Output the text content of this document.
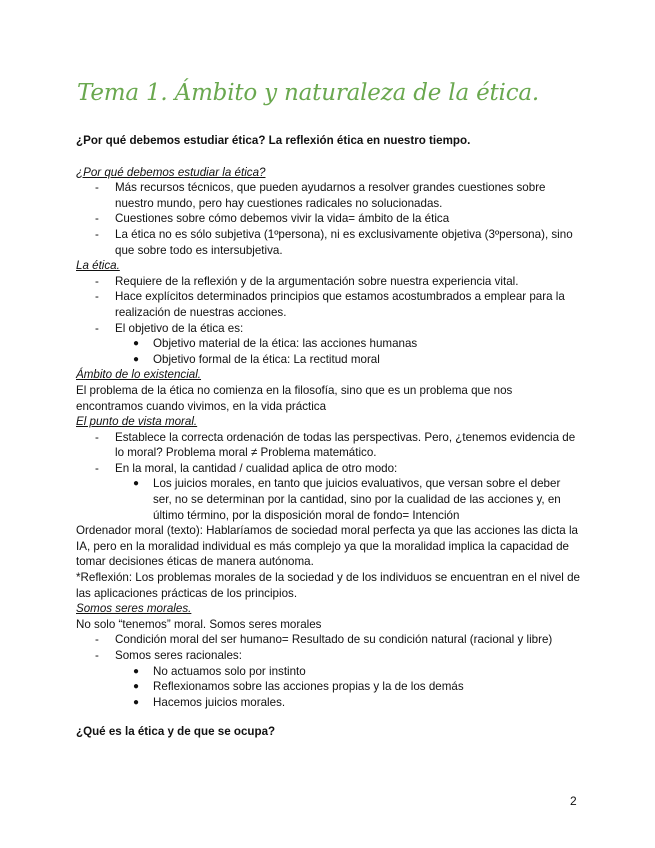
Tema 1. Ámbito y naturaleza de la ética.

¿Por qué debemos estudiar ética? La reflexión ética en nuestro tiempo.

¿Por qué debemos estudiar la ética?

- Más recursos técnicos, que pueden ayudarnos a resolver grandes cuestiones sobre nuestro mundo, pero hay cuestiones radicales no solucionadas.

- Cuestiones sobre cómo debemos vivir la vida= ámbito de la ética

- La ética no es sólo subjetiva (1ºpersona), ni es exclusivamente objetiva (3ºpersona), sino que sobre todo es intersubjetiva.

La ética.

- Requiere de la reflexión y de la argumentación sobre nuestra experiencia vital.

- Hace explícitos determinados principios que estamos acostumbrados a emplear para la realización de nuestras acciones.

- El objetivo de la ética es:

● Objetivo material de la ética: las acciones humanas

● Objetivo formal de la ética: La rectitud moral

Ámbito de lo existencial.

El problema de la ética no comienza en la filosofía, sino que es un problema que nos encontramos cuando vivimos, en la vida práctica

El punto de vista moral.

- Establece la correcta ordenación de todas las perspectivas. Pero, ¿tenemos evidencia de lo moral? Problema moral ≠ Problema matemático.

- En la moral, la cantidad / cualidad aplica de otro modo:

● Los juicios morales, en tanto que juicios evaluativos, que versan sobre el deber ser, no se determinan por la cantidad, sino por la cualidad de las acciones y, en último término, por la disposición moral de fondo= Intención

Ordenador moral (texto): Hablaríamos de sociedad moral perfecta ya que las acciones las dicta la IA, pero en la moralidad individual es más complejo ya que la moralidad implica la capacidad de tomar decisiones éticas de manera autónoma.

*Reflexión: Los problemas morales de la sociedad y de los individuos se encuentran en el nivel de las aplicaciones prácticas de los principios.

Somos seres morales.

No solo “tenemos” moral. Somos seres morales

- Condición moral del ser humano= Resultado de su condición natural (racional y libre)

- Somos seres racionales:

● No actuamos solo por instinto

● Reflexionamos sobre las acciones propias y la de los demás

● Hacemos juicios morales.

¿Qué es la ética y de que se ocupa?

2
